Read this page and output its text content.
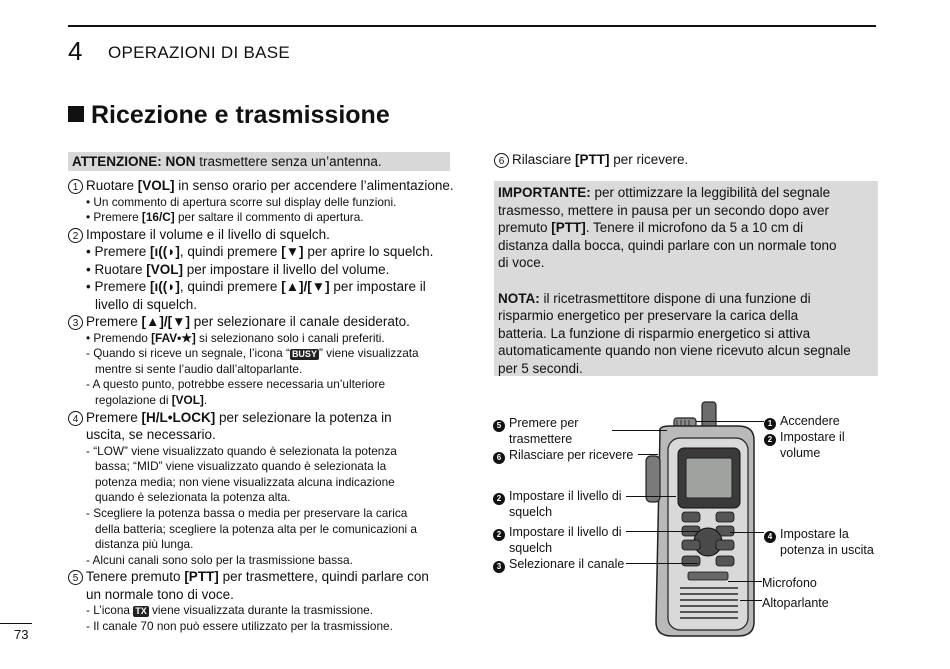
4 OPERAZIONI DI BASE
Ricezione e trasmissione
ATTENZIONE: NON trasmettere senza un’antenna.
1 Ruotare [VOL] in senso orario per accendere l’alimentazione.
• Un commento di apertura scorre sul display delle funzioni.
• Premere [16/C] per saltare il commento di apertura.
2 Impostare il volume e il livello di squelch.
• Premere [ı((◗], quindi premere [▼] per aprire lo squelch.
• Ruotare [VOL] per impostare il livello del volume.
• Premere [ı((◗], quindi premere [▲]/[▼] per impostare il
livello di squelch.
3 Premere [▲]/[▼] per selezionare il canale desiderato.
• Premendo [FAV•★] si selezionano solo i canali preferiti.
- Quando si riceve un segnale, l’icona “ BUSY ” viene visualizzata
mentre si sente l’audio dall’altoparlante.
- A questo punto, potrebbe essere necessaria un’ulteriore
regolazione di [VOL].
4 Premere [H/L•LOCK] per selezionare la potenza in
uscita, se necessario.
- “LOW” viene visualizzato quando è selezionata la potenza
bassa; “MID” viene visualizzato quando è selezionata la
potenza media; non viene visualizzata alcuna indicazione
quando è selezionata la potenza alta.
- Scegliere la potenza bassa o media per preservare la carica
della batteria; scegliere la potenza alta per le comunicazioni a
distanza più lunga.
- Alcuni canali sono solo per la trasmissione bassa.
5 Tenere premuto [PTT] per trasmettere, quindi parlare con
un normale tono di voce.
- L’icona TX viene visualizzata durante la trasmissione.
- Il canale 70 non può essere utilizzato per la trasmissione.
73
6 Rilasciare [PTT] per ricevere.
IMPORTANTE: per ottimizzare la leggibilità del segnale
trasmesso, mettere in pausa per un secondo dopo aver
premuto [PTT]. Tenere il microfono da 5 a 10 cm di
distanza dalla bocca, quindi parlare con un normale tono
di voce.

NOTA: il ricetrasmettitore dispone di una funzione di
risparmio energetico per preservare la carica della
batteria. La funzione di risparmio energetico si attiva
automaticamente quando non viene ricevuto alcun segnale
per 5 secondi.
5 Premere per
trasmettere
6 Rilasciare per ricevere
2 Impostare il livello di
squelch
2 Impostare il livello di
squelch
3 Selezionare il canale
1 Accendere
2 Impostare il
volume
4 Impostare la
potenza in uscita
Microfono
Altoparlante
